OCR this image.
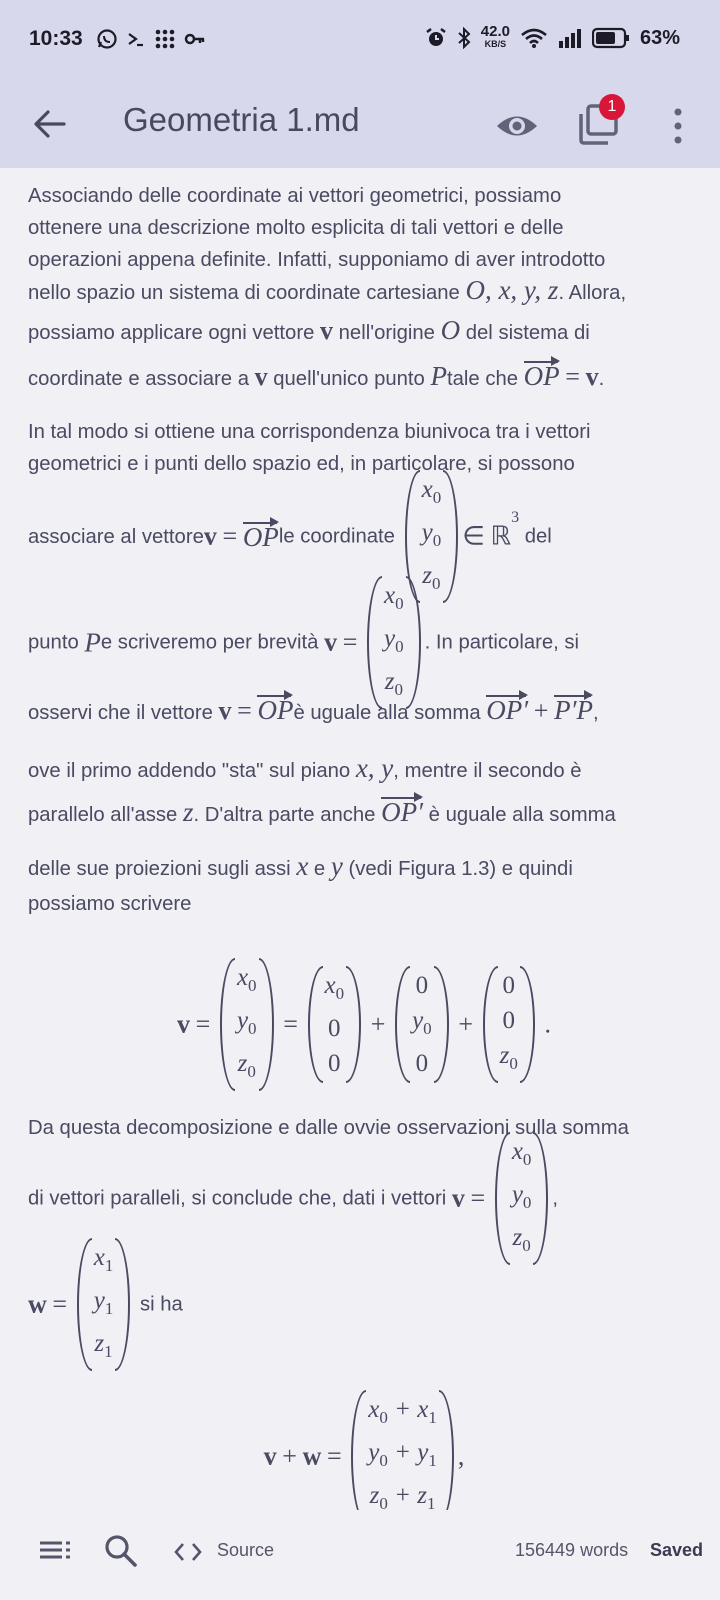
10:33	42.0
KB/S	63%
Geometria 1.md	1
Associando delle coordinate ai vettori geometrici, possiamo
ottenere una descrizione molto esplicita di tali vettori e delle
operazioni appena definite. Infatti, supponiamo di aver introdotto
nello spazio un sistema di coordinate cartesiane O, x, y, z. Allora,
possiamo applicare ogni vettore v nell'origine O del sistema di
coordinate e associare a v quell'unico punto Ptale che OP = v.
In tal modo si ottiene una corrispondenza biunivoca tra i vettori
geometrici e i punti dello spazio ed, in particolare, si possono
associare al vettorev = OPle coordinate
$x_0$
$y_0$
$z_0$
∈ ℝ$^3$ del
punto Pe scriveremo per brevità v =
$x_0$
$y_0$
$z_0$
. In particolare, si
osservi che il vettore v = OPè uguale alla somma OP′ + P′P,
ove il primo addendo "sta" sul piano x, y, mentre il secondo è
parallelo all'asse z. D'altra parte anche OP′ è uguale alla somma
delle sue proiezioni sugli assi x e y (vedi Figura 1.3) e quindi
possiamo scrivere
v =
$x_0$
$y_0$
$z_0$
=
$x_0$
0
0
+
0
$y_0$
0
+
0
0
$z_0$
.
Da questa decomposizione e dalle ovvie osservazioni sulla somma
di vettori paralleli, si conclude che, dati i vettori v =
$x_0$
$y_0$
$z_0$
,
w =
$x_1$
$y_1$
$z_1$
si ha
v + w =
$x_0 + x_1$
$y_0 + y_1$
$z_0 + z_1$
,
Source	156449 words Saved
